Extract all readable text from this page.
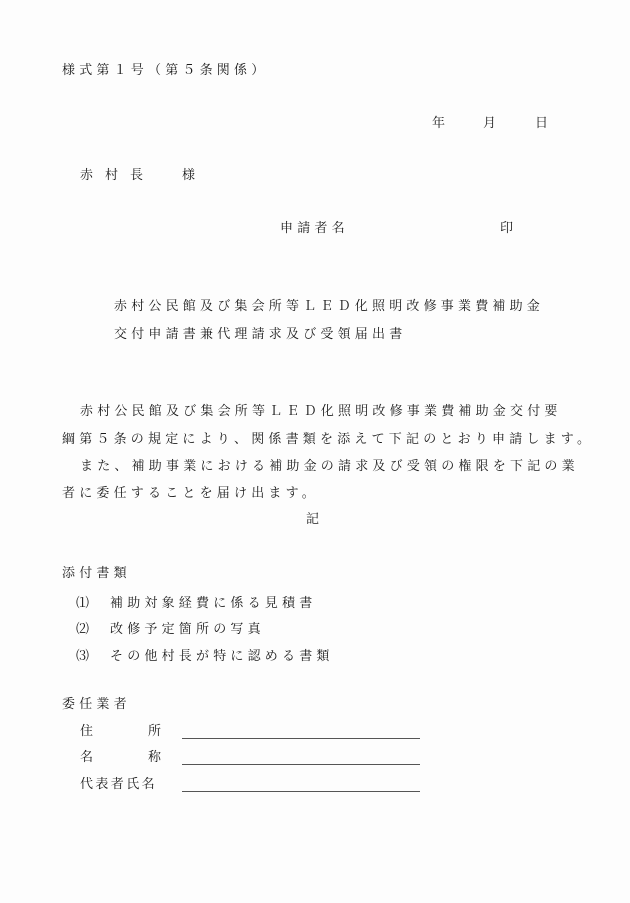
様式第１号（第５条関係）
年	月	日
赤村長 様
申請者名	印
赤村公民館及び集会所等ＬＥＤ化照明改修事業費補助金
交付申請書兼代理請求及び受領届出書
赤村公民館及び集会所等ＬＥＤ化照明改修事業費補助金交付要
綱第５条の規定により、関係書類を添えて下記のとおり申請します。
また、補助事業における補助金の請求及び受領の権限を下記の業
者に委任することを届け出ます。
記
添付書類
⑴ 補助対象経費に係る見積書
⑵ 改修予定箇所の写真
⑶ その他村長が特に認める書類
委任業者
住	所
名	称
代表者氏名
